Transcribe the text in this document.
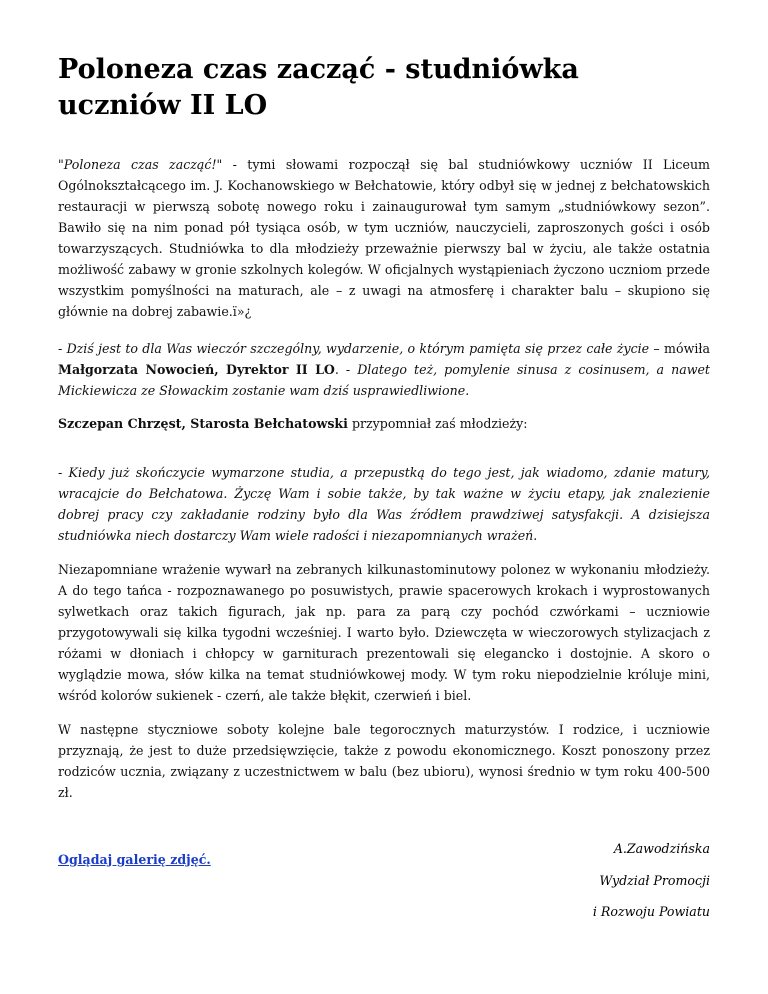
Poloneza czas zacząć - studniówka uczniów II LO

"Poloneza czas zacząć!" - tymi słowami rozpoczął się bal studniówkowy uczniów II Liceum Ogólnokształcącego im. J. Kochanowskiego w Bełchatowie, który odbył się w jednej z bełchatowskich restauracji w pierwszą sobotę nowego roku i zainaugurował tym samym „studniówkowy sezon”. Bawiło się na nim ponad pół tysiąca osób, w tym uczniów, nauczycieli, zaproszonych gości i osób towarzyszących. Studniówka to dla młodzieży przeważnie pierwszy bal w życiu, ale także ostatnia możliwość zabawy w gronie szkolnych kolegów. W oficjalnych wystąpieniach życzono uczniom przede wszystkim pomyślności na maturach, ale – z uwagi na atmosferę i charakter balu – skupiono się głównie na dobrej zabawie.ï»¿

- Dziś jest to dla Was wieczór szczególny, wydarzenie, o którym pamięta się przez całe życie – mówiła Małgorzata Nowocień, Dyrektor II LO. - Dlatego też, pomylenie sinusa z cosinusem, a nawet Mickiewicza ze Słowackim zostanie wam dziś usprawiedliwione.

Szczepan Chrzęst, Starosta Bełchatowski przypomniał zaś młodzieży:

- Kiedy już skończycie wymarzone studia, a przepustką do tego jest, jak wiadomo, zdanie matury, wracajcie do Bełchatowa. Życzę Wam i sobie także, by tak ważne w życiu etapy, jak znalezienie dobrej pracy czy zakładanie rodziny było dla Was źródłem prawdziwej satysfakcji. A dzisiejsza studniówka niech dostarczy Wam wiele radości i niezapomnianych wrażeń.

Niezapomniane wrażenie wywarł na zebranych kilkunastominutowy polonez w wykonaniu młodzieży. A do tego tańca - rozpoznawanego po posuwistych, prawie spacerowych krokach i wyprostowanych sylwetkach oraz takich figurach, jak np. para za parą czy pochód czwórkami – uczniowie przygotowywali się kilka tygodni wcześniej. I warto było. Dziewczęta w wieczorowych stylizacjach z różami w dłoniach i chłopcy w garniturach prezentowali się elegancko i dostojnie. A skoro o wyglądzie mowa, słów kilka na temat studniówkowej mody. W tym roku niepodzielnie króluje mini, wśród kolorów sukienek - czerń, ale także błękit, czerwień i biel.

W następne styczniowe soboty kolejne bale tegorocznych maturzystów. I rodzice, i uczniowie przyznają, że jest to duże przedsięwzięcie, także z powodu ekonomicznego. Koszt ponoszony przez rodziców ucznia, związany z uczestnictwem w balu (bez ubioru), wynosi średnio w tym roku 400-500 zł.

Oglądaj galerię zdjęć.

A.Zawodzińska

Wydział Promocji

i Rozwoju Powiatu
